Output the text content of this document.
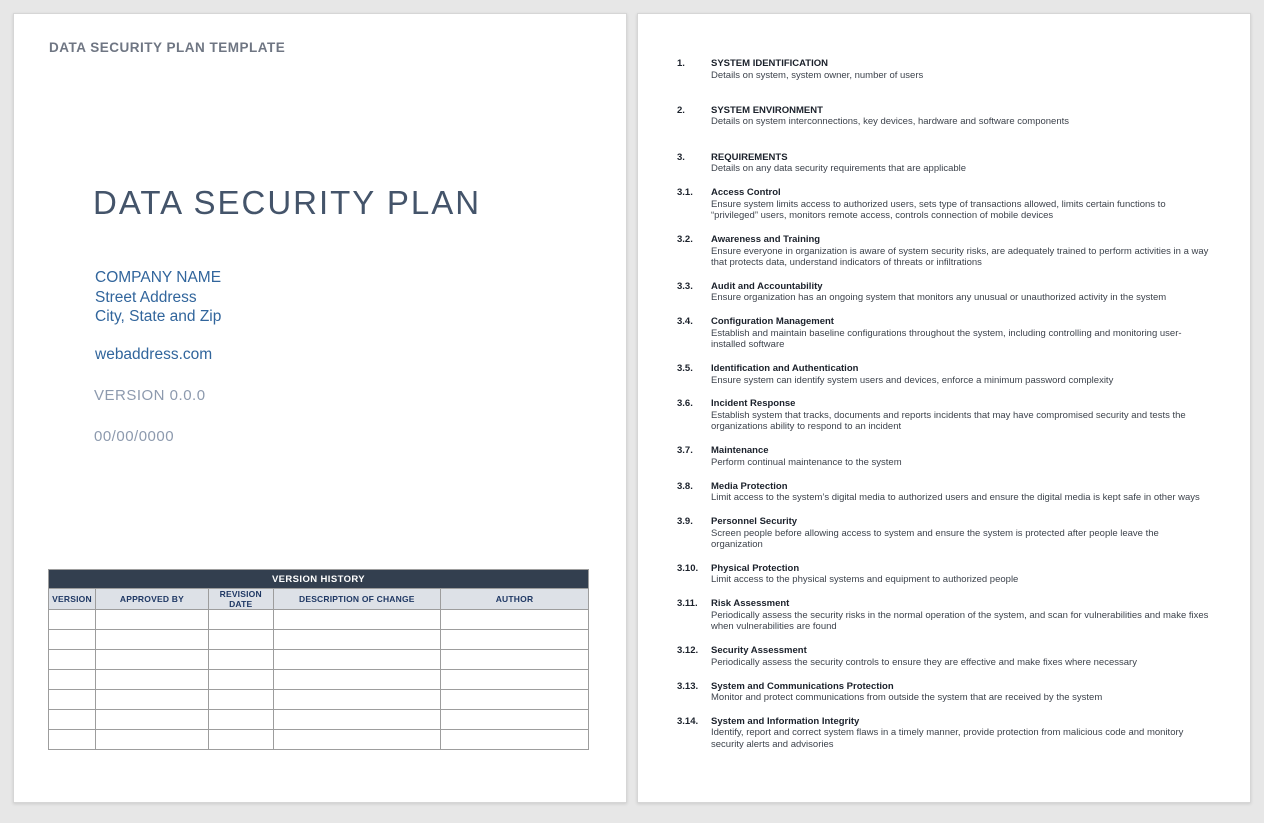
DATA SECURITY PLAN TEMPLATE
DATA SECURITY PLAN
COMPANY NAME
Street Address
City, State and Zip
webaddress.com
VERSION 0.0.0
00/00/0000
VERSION HISTORY				
VERSION	APPROVED BY	REVISION DATE	DESCRIPTION OF CHANGE	AUTHOR

1.	SYSTEM IDENTIFICATION
Details on system, system owner, number of users
2.	SYSTEM ENVIRONMENT
Details on system interconnections, key devices, hardware and software components
3.	REQUIREMENTS
Details on any data security requirements that are applicable
3.1.	Access Control
Ensure system limits access to authorized users, sets type of transactions allowed, limits certain functions to “privileged” users, monitors remote access, controls connection of mobile devices
3.2.	Awareness and Training
Ensure everyone in organization is aware of system security risks, are adequately trained to perform activities in a way that protects data, understand indicators of threats or infiltrations
3.3.	Audit and Accountability
Ensure organization has an ongoing system that monitors any unusual or unauthorized activity in the system
3.4.	Configuration Management
Establish and maintain baseline configurations throughout the system, including controlling and monitoring user-installed software
3.5.	Identification and Authentication
Ensure system can identify system users and devices, enforce a minimum password complexity
3.6.	Incident Response
Establish system that tracks, documents and reports incidents that may have compromised security and tests the organizations ability to respond to an incident
3.7.	Maintenance
Perform continual maintenance to the system
3.8.	Media Protection
Limit access to the system’s digital media to authorized users and ensure the digital media is kept safe in other ways
3.9.	Personnel Security
Screen people before allowing access to system and ensure the system is protected after people leave the organization
3.10.	Physical Protection
Limit access to the physical systems and equipment to authorized people
3.11.	Risk Assessment
Periodically assess the security risks in the normal operation of the system, and scan for vulnerabilities and make fixes when vulnerabilities are found
3.12.	Security Assessment
Periodically assess the security controls to ensure they are effective and make fixes where necessary
3.13.	System and Communications Protection
Monitor and protect communications from outside the system that are received by the system
3.14.	System and Information Integrity
Identify, report and correct system flaws in a timely manner, provide protection from malicious code and monitory security alerts and advisories
